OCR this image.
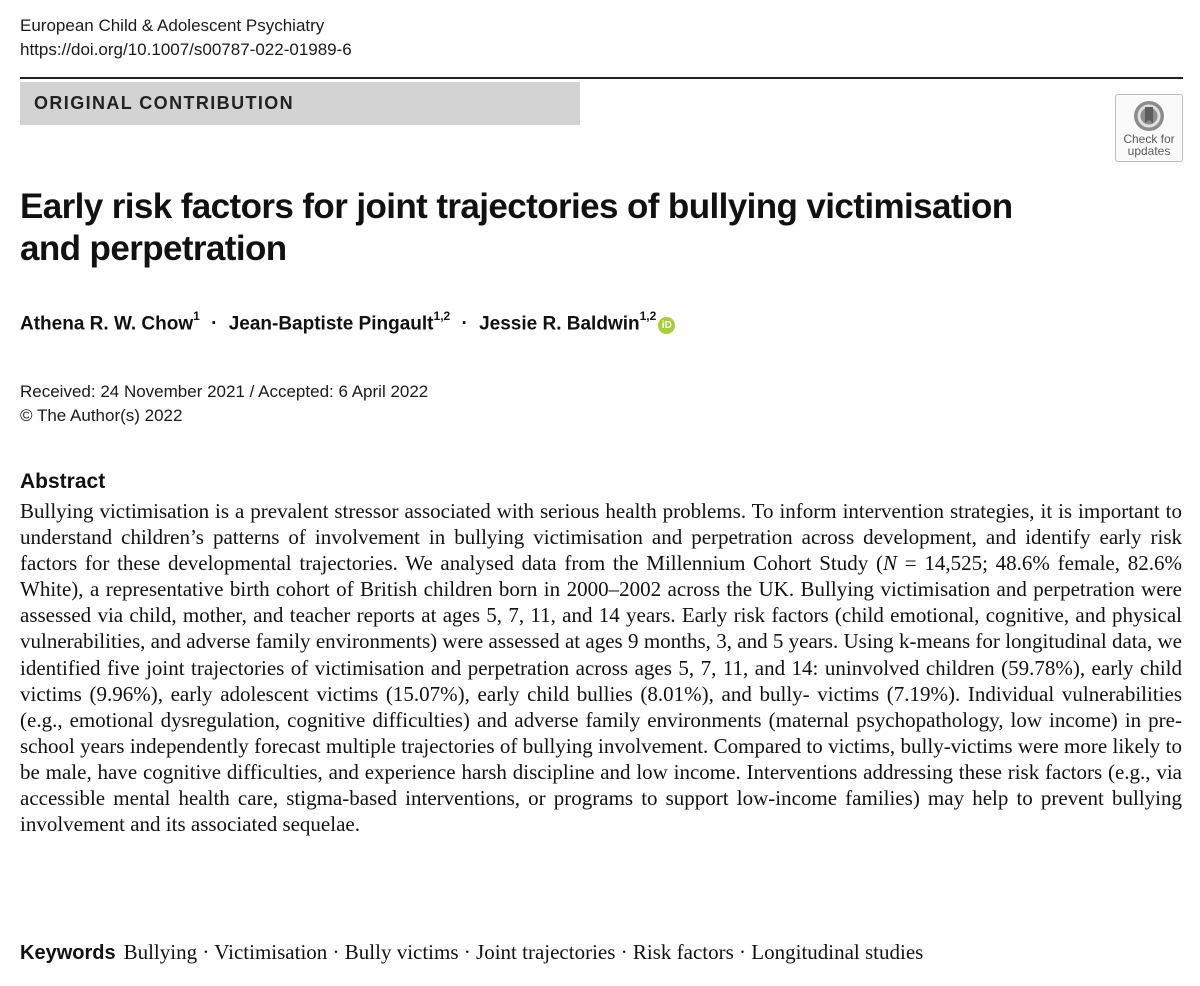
European Child & Adolescent Psychiatry
https://doi.org/10.1007/s00787-022-01989-6
ORIGINAL CONTRIBUTION
Check for
updates
Early risk factors for joint trajectories of bullying victimisation and perpetration
Athena R. W. Chow$^1$ · Jean-Baptiste Pingault$^{1,2}$ · Jessie R. Baldwin$^{1,2}$iD
Received: 24 November 2021 / Accepted: 6 April 2022
© The Author(s) 2022
Abstract
Bullying victimisation is a prevalent stressor associated with serious health problems. To inform intervention strategies, it is important to understand children’s patterns of involvement in bullying victimisation and perpetration across development, and identify early risk factors for these developmental trajectories. We analysed data from the Millennium Cohort Study (N = 14,525; 48.6% female, 82.6% White), a representative birth cohort of British children born in 2000–2002 across the UK. Bullying victimisation and perpetration were assessed via child, mother, and teacher reports at ages 5, 7, 11, and 14 years. Early risk factors (child emotional, cognitive, and physical vulnerabilities, and adverse family environments) were assessed at ages 9 months, 3, and 5 years. Using k-means for longitudinal data, we identified five joint trajectories of victimisation and perpetration across ages 5, 7, 11, and 14: uninvolved children (59.78%), early child victims (9.96%), early adolescent victims (15.07%), early child bullies (8.01%), and bully- victims (7.19%). Individual vulnerabilities (e.g., emotional dysregulation, cognitive difficulties) and adverse family environments (maternal psychopathology, low income) in pre-school years independently forecast multiple trajectories of bullying involvement. Compared to victims, bully-victims were more likely to be male, have cognitive difficulties, and experience harsh discipline and low income. Interventions addressing these risk factors (e.g., via accessible mental health care, stigma-based interventions, or programs to support low-income families) may help to prevent bullying involvement and its associated sequelae.
Keywords Bullying · Victimisation · Bully victims · Joint trajectories · Risk factors · Longitudinal studies
